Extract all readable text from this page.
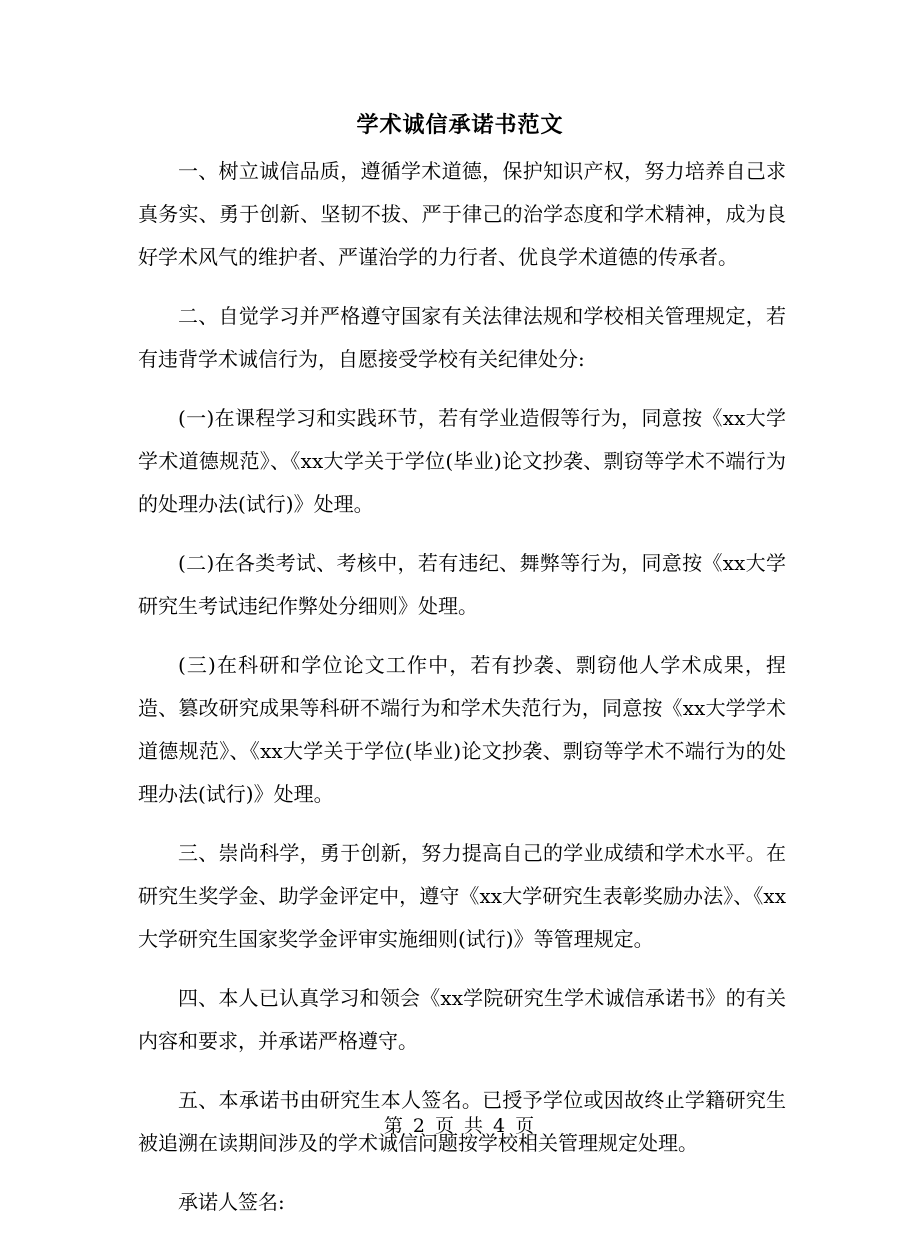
学术诚信承诺书范文

一、树立诚信品质，遵循学术道德，保护知识产权，努力培养自己求真务实、勇于创新、坚韧不拔、严于律己的治学态度和学术精神，成为良好学术风气的维护者、严谨治学的力行者、优良学术道德的传承者。

二、自觉学习并严格遵守国家有关法律法规和学校相关管理规定，若有违背学术诚信行为，自愿接受学校有关纪律处分:

(一)在课程学习和实践环节，若有学业造假等行为，同意按《xx大学学术道德规范》、《xx大学关于学位(毕业)论文抄袭、剽窃等学术不端行为的处理办法(试行)》处理。

(二)在各类考试、考核中，若有违纪、舞弊等行为，同意按《xx大学研究生考试违纪作弊处分细则》处理。

(三)在科研和学位论文工作中，若有抄袭、剽窃他人学术成果，捏造、篡改研究成果等科研不端行为和学术失范行为，同意按《xx大学学术道德规范》、《xx大学关于学位(毕业)论文抄袭、剽窃等学术不端行为的处理办法(试行)》处理。

三、崇尚科学，勇于创新，努力提高自己的学业成绩和学术水平。在研究生奖学金、助学金评定中，遵守《xx大学研究生表彰奖励办法》、《xx大学研究生国家奖学金评审实施细则(试行)》等管理规定。

四、本人已认真学习和领会《xx学院研究生学术诚信承诺书》的有关内容和要求，并承诺严格遵守。

五、本承诺书由研究生本人签名。已授予学位或因故终止学籍研究生被追溯在读期间涉及的学术诚信问题按学校相关管理规定处理。

承诺人签名:

第 2 页 共 4 页
